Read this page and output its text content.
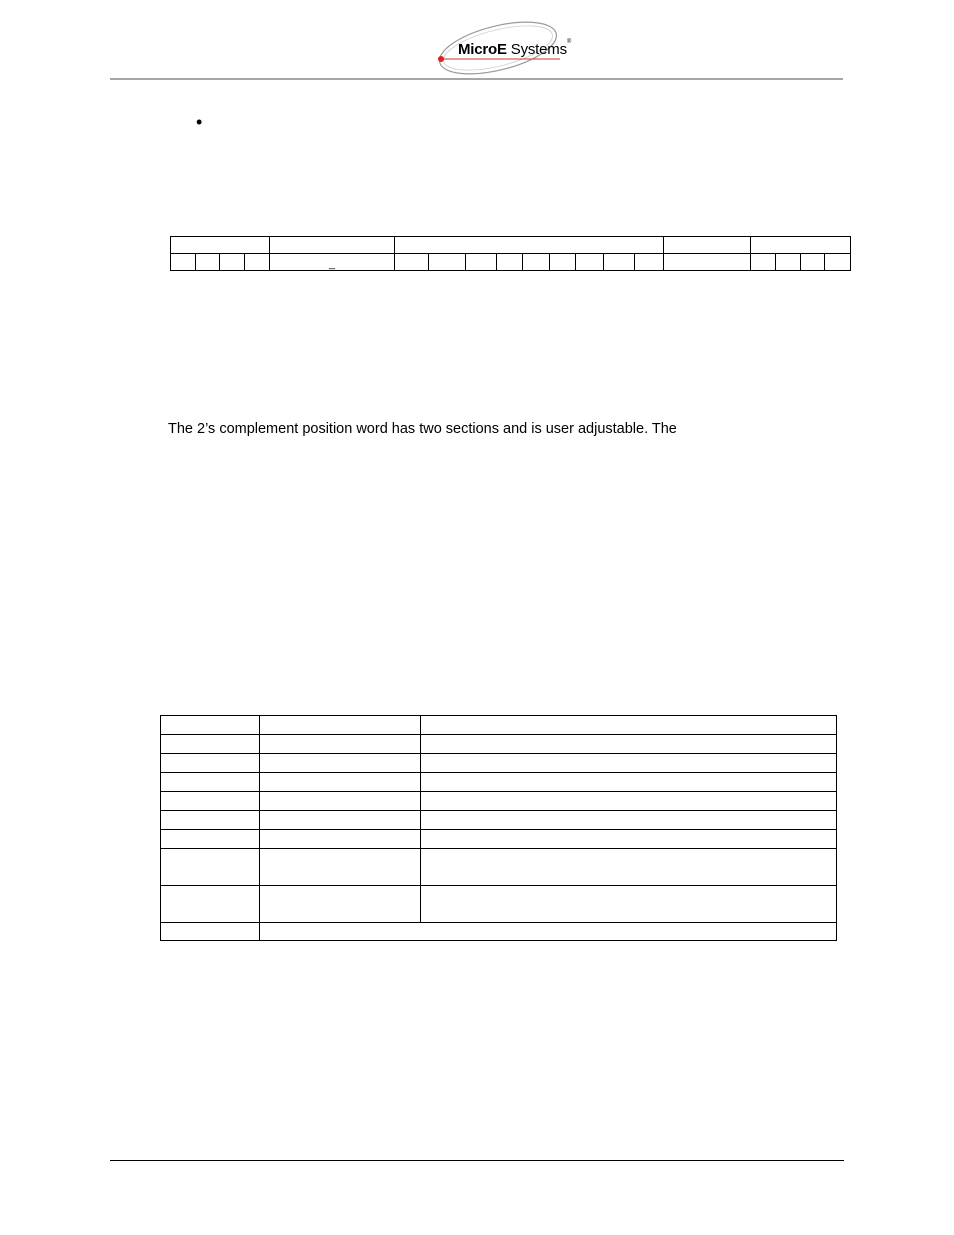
MicroE Systems®
•

				_														
The 2’s complement position word has two sections and is user adjustable. The
